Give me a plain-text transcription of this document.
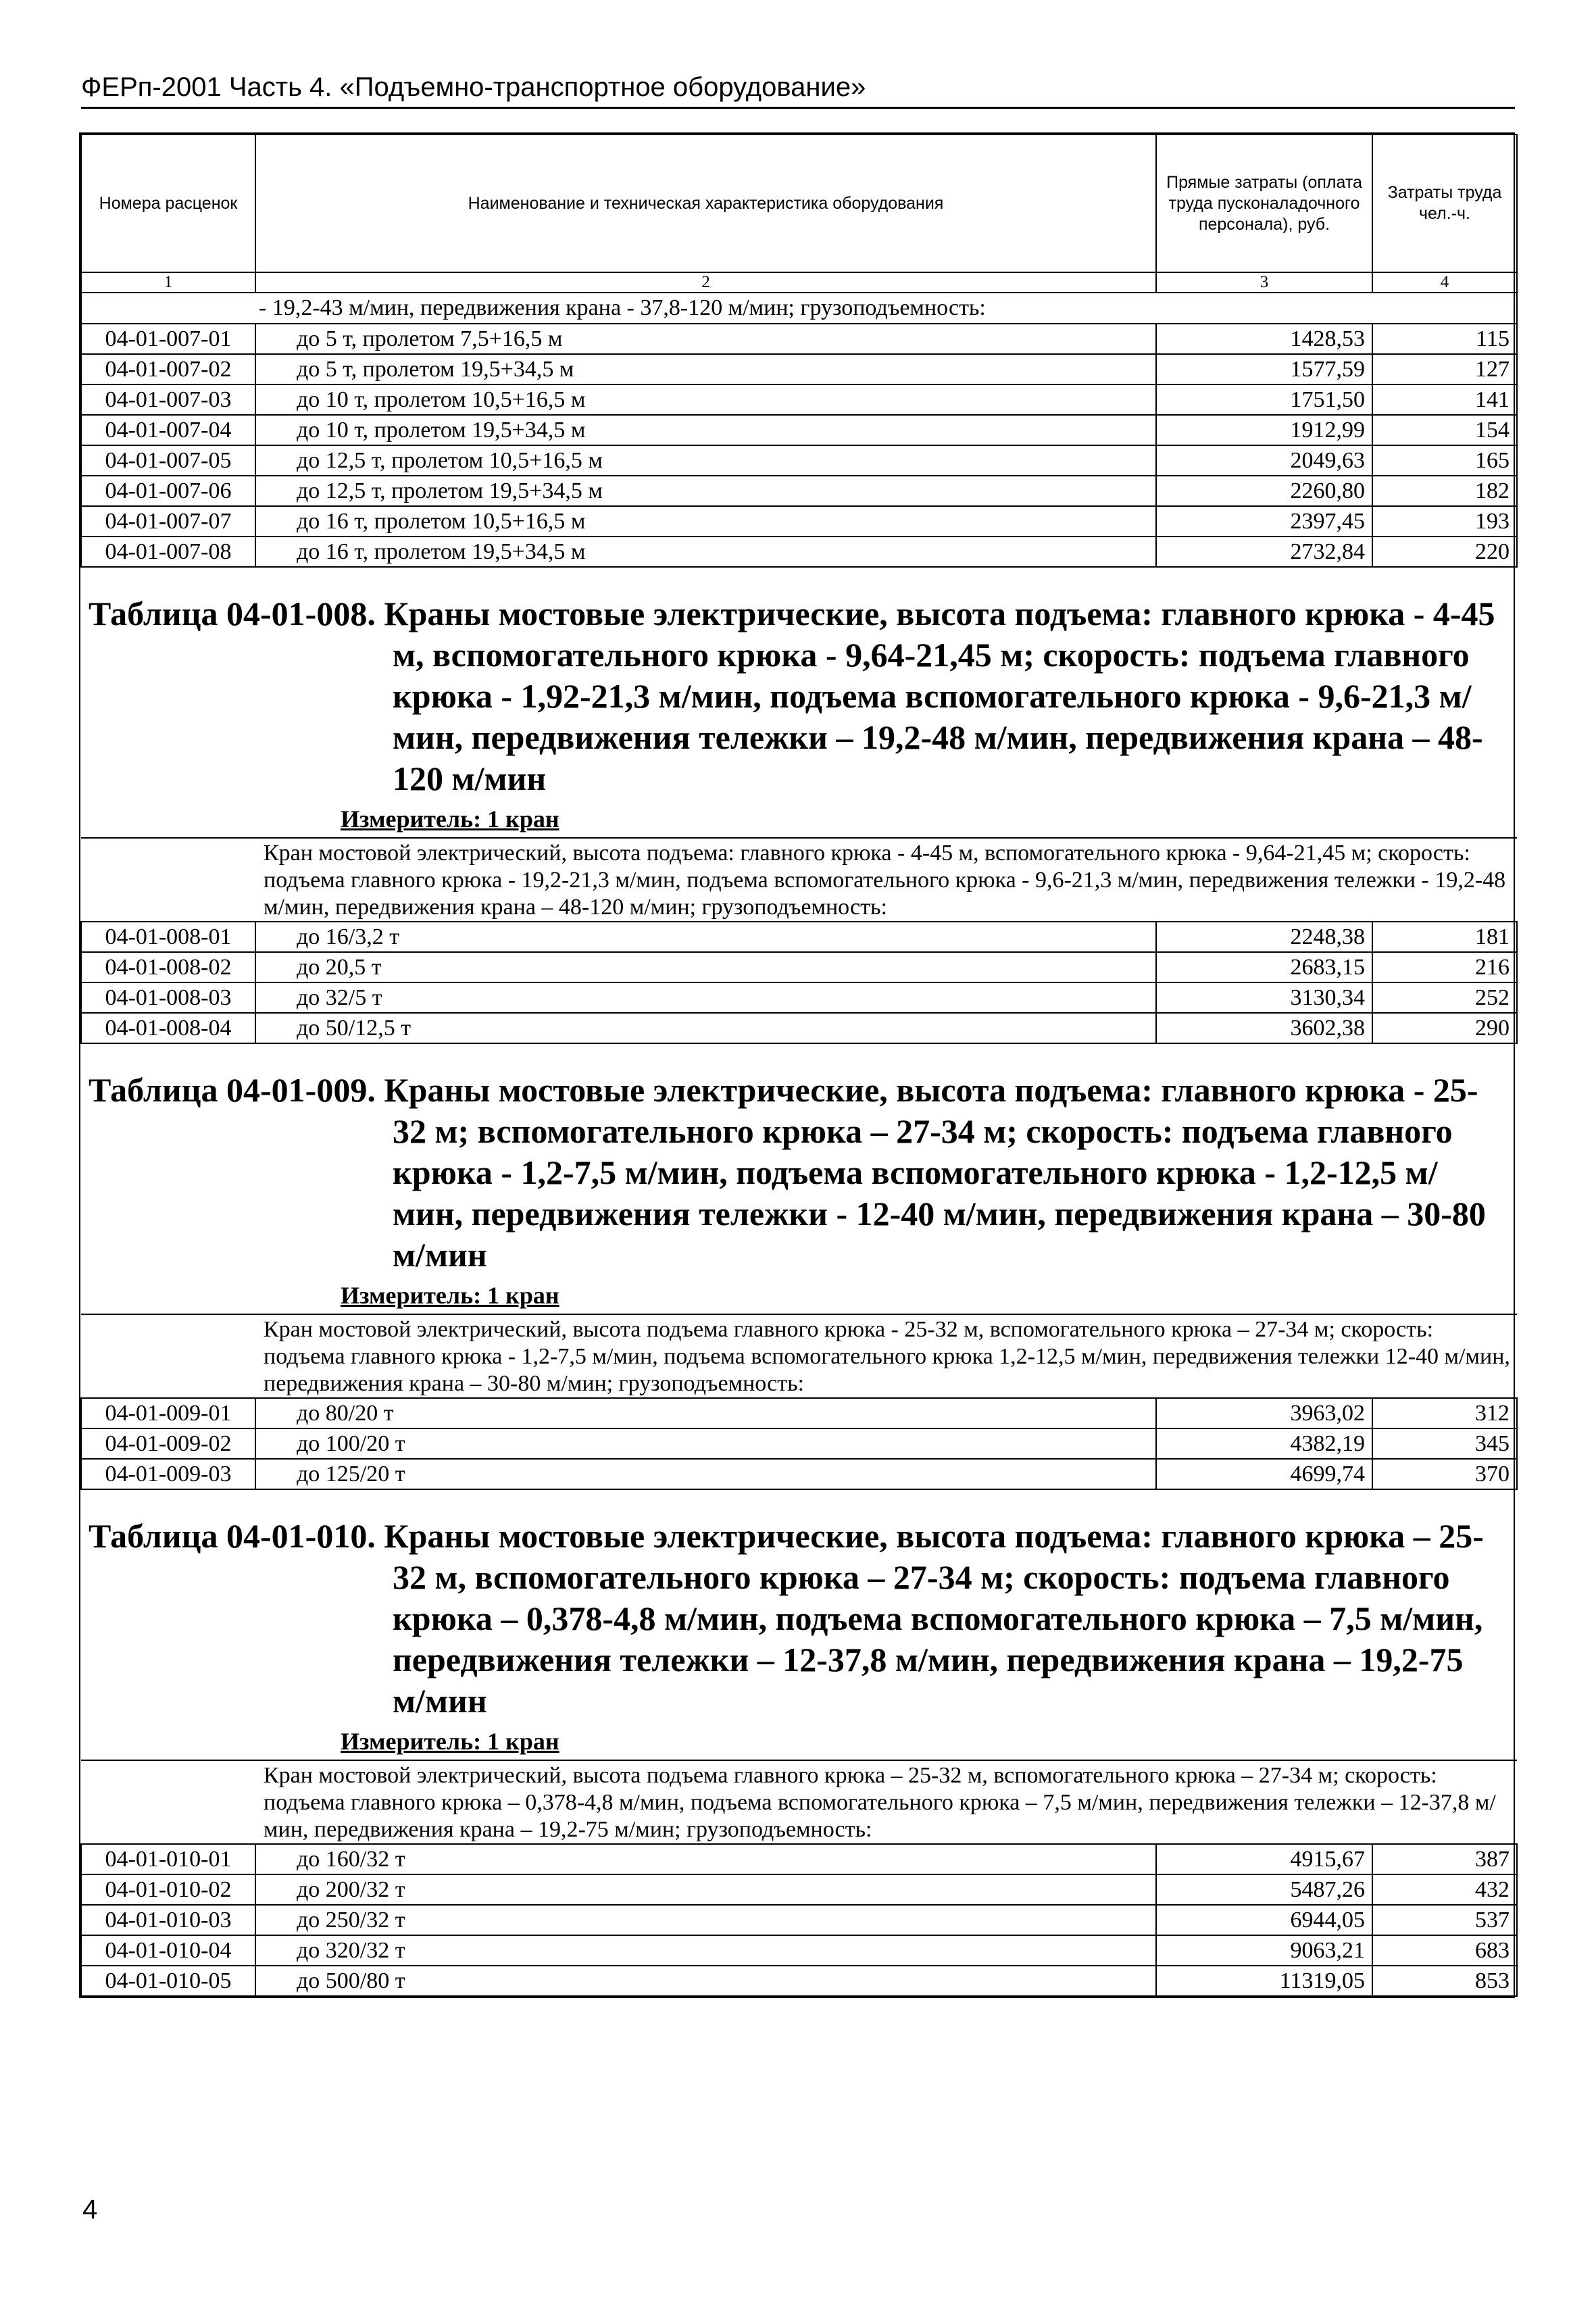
ФЕРп-2001 Часть 4. «Подъемно-транспортное оборудование»
Номера расценок	Наименование и техническая характеристика оборудования	Прямые затраты (оплата труда пусконаладочного персонала), руб.	Затраты труда чел.-ч.
1	2	3	4
- 19,2-43 м/мин, передвижения крана - 37,8-120 м/мин; грузоподъемность:			
04-01-007-01	до 5 т, пролетом 7,5+16,5 м	1428,53	115
04-01-007-02	до 5 т, пролетом 19,5+34,5 м	1577,59	127
04-01-007-03	до 10 т, пролетом 10,5+16,5 м	1751,50	141
04-01-007-04	до 10 т, пролетом 19,5+34,5 м	1912,99	154
04-01-007-05	до 12,5 т, пролетом 10,5+16,5 м	2049,63	165
04-01-007-06	до 12,5 т, пролетом 19,5+34,5 м	2260,80	182
04-01-007-07	до 16 т, пролетом 10,5+16,5 м	2397,45	193
04-01-007-08	до 16 т, пролетом 19,5+34,5 м	2732,84	220
Таблица 04-01-008. Краны мостовые электрические, высота подъема: главного крюка - 4-45 м, вспомогательного крюка - 9,64-21,45 м; скорость: подъема главного крюка - 1,92-21,3 м/мин, подъема вспомогательного крюка - 9,6-21,3 м/мин, передвижения тележки – 19,2-48 м/мин, передвижения крана – 48-120 м/мин
Измеритель: 1 кран
Кран мостовой электрический, высота подъема: главного крюка - 4-45 м, вспомогательного крюка - 9,64-21,45 м; скорость: подъема главного крюка - 19,2-21,3 м/мин, подъема вспомогательного крюка - 9,6-21,3 м/мин, передвижения тележки - 19,2-48 м/мин, передвижения крана – 48-120 м/мин; грузоподъемность:			
04-01-008-01	до 16/3,2 т	2248,38	181
04-01-008-02	до 20,5 т	2683,15	216
04-01-008-03	до 32/5 т	3130,34	252
04-01-008-04	до 50/12,5 т	3602,38	290
Таблица 04-01-009. Краны мостовые электрические, высота подъема: главного крюка - 25-32 м; вспомогательного крюка – 27-34 м; скорость: подъема главного крюка - 1,2-7,5 м/мин, подъема вспомогательного крюка - 1,2-12,5 м/мин, передвижения тележки - 12-40 м/мин, передвижения крана – 30-80 м/мин
Измеритель: 1 кран
Кран мостовой электрический, высота подъема главного крюка - 25-32 м, вспомогательного крюка – 27-34 м; скорость: подъема главного крюка - 1,2-7,5 м/мин, подъема вспомогательного крюка 1,2-12,5 м/мин, передвижения тележки 12-40 м/мин, передвижения крана – 30-80 м/мин; грузоподъемность:			
04-01-009-01	до 80/20 т	3963,02	312
04-01-009-02	до 100/20 т	4382,19	345
04-01-009-03	до 125/20 т	4699,74	370
Таблица 04-01-010. Краны мостовые электрические, высота подъема: главного крюка – 25-32 м, вспомогательного крюка – 27-34 м; скорость: подъема главного крюка – 0,378-4,8 м/мин, подъема вспомогательного крюка – 7,5 м/мин, передвижения тележки – 12-37,8 м/мин, передвижения крана – 19,2-75 м/мин
Измеритель: 1 кран
Кран мостовой электрический, высота подъема главного крюка – 25-32 м, вспомогательного крюка – 27-34 м; скорость: подъема главного крюка – 0,378-4,8 м/мин, подъема вспомогательного крюка – 7,5 м/мин, передвижения тележки – 12-37,8 м/мин, передвижения крана – 19,2-75 м/мин; грузоподъемность:			
04-01-010-01	до 160/32 т	4915,67	387
04-01-010-02	до 200/32 т	5487,26	432
04-01-010-03	до 250/32 т	6944,05	537
04-01-010-04	до 320/32 т	9063,21	683
04-01-010-05	до 500/80 т	11319,05	853
4
